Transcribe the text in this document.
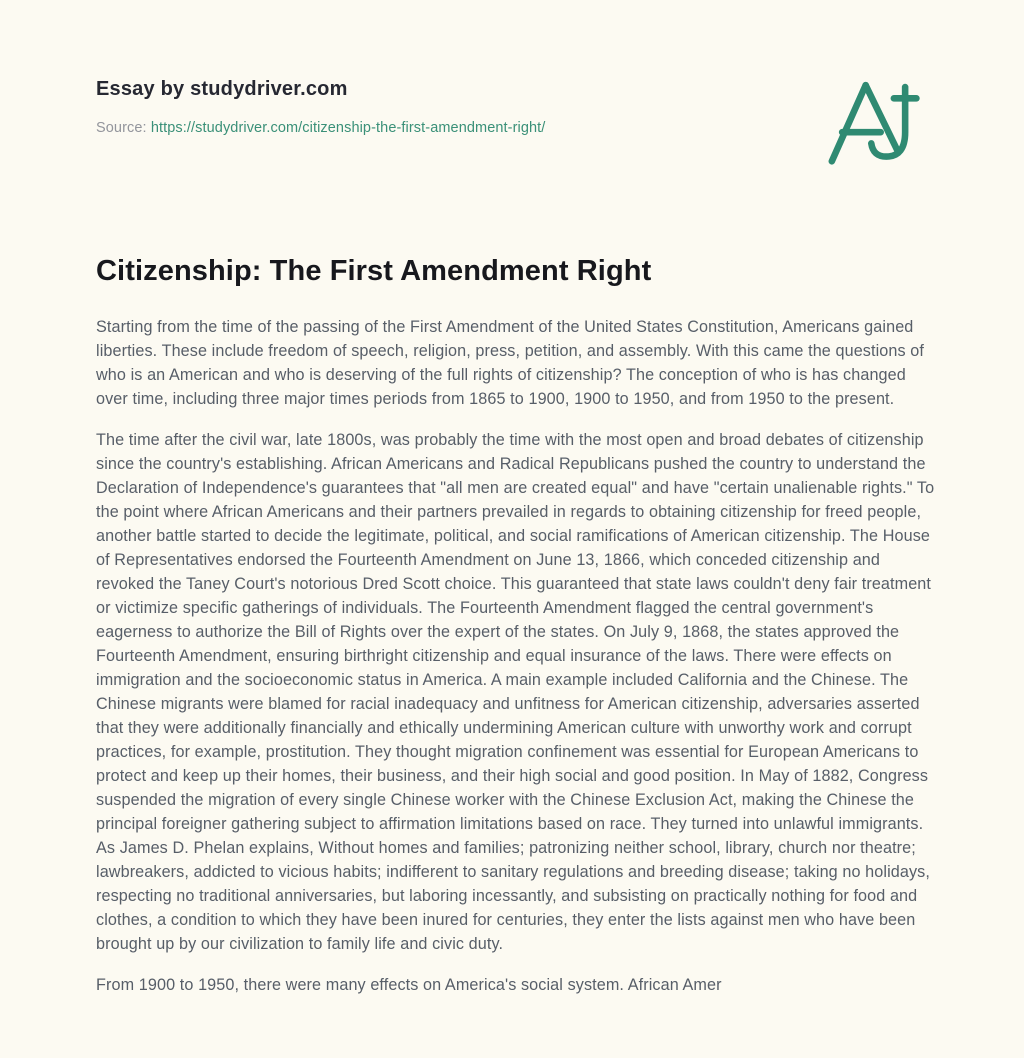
Essay by studydriver.com
Source: https://studydriver.com/citizenship-the-first-amendment-right/
Citizenship: The First Amendment Right

Starting from the time of the passing of the First Amendment of the United States Constitution, Americans gained liberties. These include freedom of speech, religion, press, petition, and assembly. With this came the questions of who is an American and who is deserving of the full rights of citizenship? The conception of who is has changed over time, including three major times periods from 1865 to 1900, 1900 to 1950, and from 1950 to the present.

The time after the civil war, late 1800s, was probably the time with the most open and broad debates of citizenship since the country's establishing. African Americans and Radical Republicans pushed the country to understand the Declaration of Independence's guarantees that "all men are created equal" and have "certain unalienable rights." To the point where African Americans and their partners prevailed in regards to obtaining citizenship for freed people, another battle started to decide the legitimate, political, and social ramifications of American citizenship. The House of Representatives endorsed the Fourteenth Amendment on June 13, 1866, which conceded citizenship and revoked the Taney Court's notorious Dred Scott choice. This guaranteed that state laws couldn't deny fair treatment or victimize specific gatherings of individuals. The Fourteenth Amendment flagged the central government's eagerness to authorize the Bill of Rights over the expert of the states. On July 9, 1868, the states approved the Fourteenth Amendment, ensuring birthright citizenship and equal insurance of the laws. There were effects on immigration and the socioeconomic status in America. A main example included California and the Chinese. The Chinese migrants were blamed for racial inadequacy and unfitness for American citizenship, adversaries asserted that they were additionally financially and ethically undermining American culture with unworthy work and corrupt practices, for example, prostitution. They thought migration confinement was essential for European Americans to protect and keep up their homes, their business, and their high social and good position. In May of 1882, Congress suspended the migration of every single Chinese worker with the Chinese Exclusion Act, making the Chinese the principal foreigner gathering subject to affirmation limitations based on race. They turned into unlawful immigrants. As James D. Phelan explains, Without homes and families; patronizing neither school, library, church nor theatre; lawbreakers, addicted to vicious habits; indifferent to sanitary regulations and breeding disease; taking no holidays, respecting no traditional anniversaries, but laboring incessantly, and subsisting on practically nothing for food and clothes, a condition to which they have been inured for centuries, they enter the lists against men who have been brought up by our civilization to family life and civic duty.

From 1900 to 1950, there were many effects on America's social system. African Amer
